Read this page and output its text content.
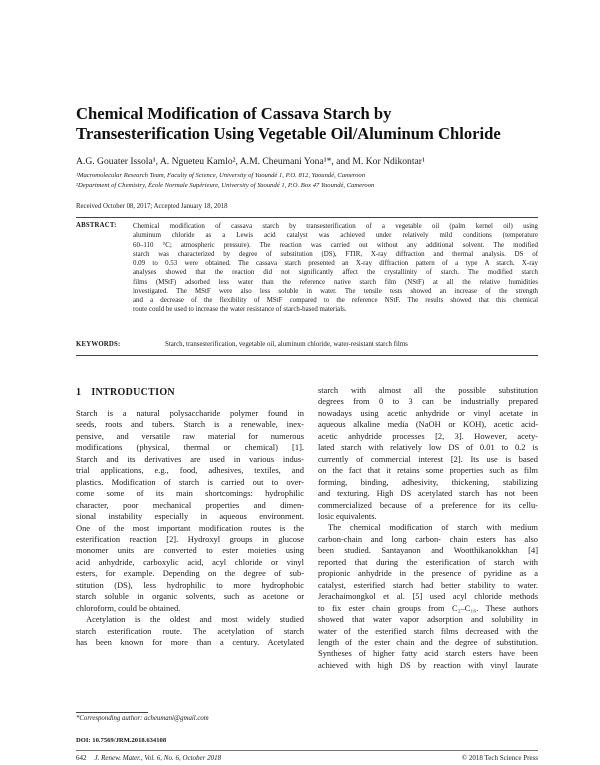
Chemical Modification of Cassava Starch by
Transesterification Using Vegetable Oil/Aluminum Chloride
A.G. Gouater Issola¹, A. Ngueteu Kamlo², A.M. Cheumani Yona¹*, and M. Kor Ndikontar¹
¹Macromolecular Research Team, Faculty of Science, University of Yaoundé 1, P.O. 812, Yaoundé, Cameroon
²Department of Chemistry, École Normale Supérieure, University of Yaoundé 1, P.O. Box 47 Yaoundé, Cameroon
Received October 08, 2017; Accepted January 18, 2018
ABSTRACT: Chemical modification of cassava starch by transesterification of a vegetable oil (palm kernel oil) using
aluminum chloride as a Lewis acid catalyst was achieved under relatively mild conditions (temperature
60–110 °C; atmospheric pressure). The reaction was carried out without any additional solvent. The modified
starch was characterized by degree of substitution (DS), FTIR, X-ray diffraction and thermal analysis. DS of
0.09 to 0.53 were obtained. The cassava starch presented an X-ray diffraction pattern of a type A starch. X-ray
analyses showed that the reaction did not significantly affect the crystallinity of starch. The modified starch
films (MStF) adsorbed less water than the reference native starch film (NStF) at all the relative humidities
investigated. The MStF were also less soluble in water. The tensile tests showed an increase of the strength
and a decrease of the flexibility of MStF compared to the reference NStF. The results showed that this chemical
route could be used to increase the water resistance of starch-based materials.
KEYWORDS:	Starch, transesterification, vegetable oil, aluminum chloride, water-resistant starch films
1 INTRODUCTION
Starch is a natural polysaccharide polymer found in
seeds, roots and tubers. Starch is a renewable, inex-
pensive, and versatile raw material for numerous
modifications (physical, thermal or chemical) [1].
Starch and its derivatives are used in various indus-
trial applications, e.g., food, adhesives, textiles, and
plastics. Modification of starch is carried out to over-
come some of its main shortcomings: hydrophilic
character, poor mechanical properties and dimen-
sional instability especially in aqueous environment.
One of the most important modification routes is the
esterification reaction [2]. Hydroxyl groups in glucose
monomer units are converted to ester moieties using
acid anhydride, carboxylic acid, acyl chloride or vinyl
esters, for example. Depending on the degree of sub-
stitution (DS), less hydrophilic to more hydrophobic
starch soluble in organic solvents, such as acetone or
chloroform, could be obtained.
Acetylation is the oldest and most widely studied
starch esterification route. The acetylation of starch
has been known for more than a century. Acetylated
starch with almost all the possible substitution
degrees from 0 to 3 can be industrially prepared
nowadays using acetic anhydride or vinyl acetate in
aqueous alkaline media (NaOH or KOH), acetic acid-
acetic anhydride processes [2, 3]. However, acety-
lated starch with relatively low DS of 0.01 to 0.2 is
currently of commercial interest [2]. Its use is based
on the fact that it retains some properties such as film
forming, binding, adhesivity, thickening, stabilizing
and texturing. High DS acetylated starch has not been
commercialized because of a preference for its cellu-
losic equivalents.
The chemical modification of starch with medium
carbon-chain and long carbon- chain esters has also
been studied. Santayanon and Wootthikanokkhan [4]
reported that during the esterification of starch with
propionic anhydride in the presence of pyridine as a
catalyst, esterified starch had better stability to water.
Jerachaimongkol et al. [5] used acyl chloride methods
to fix ester chain groups from C₂–C₁₆. These authors
showed that water vapor adsorption and solubility in
water of the esterified starch films decreased with the
length of the ester chain and the degree of substitution.
Syntheses of higher fatty acid starch esters have been
achieved with high DS by reaction with vinyl laurate
*Corresponding author: acheumani@gmail.com
DOI: 10.7569/JRM.2018.634108
642 J. Renew. Mater., Vol. 6, No. 6, October 2018	© 2018 Tech Science Press
